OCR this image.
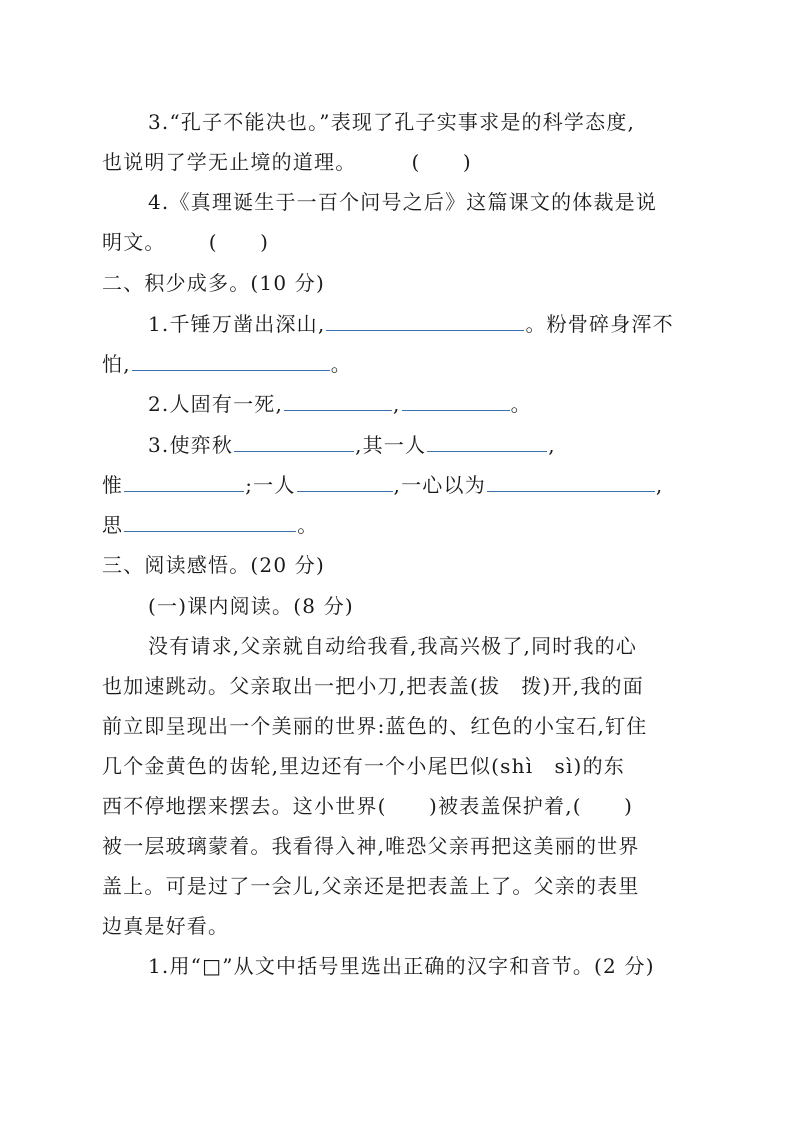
3.“孔子不能决也。”表现了孔子实事求是的科学态度,
也说明了学无止境的道理。	(　　)
4.《真理诞生于一百个问号之后》这篇课文的体裁是说
明文。 (　　)
二、积少成多。(10 分)
1.千锤万凿出深山,	。粉骨碎身浑不
怕,	。
2.人固有一死,	,	。
3.使弈秋	,其一人	,
惟	;一人	,一心以为	,
思	。
三、阅读感悟。(20 分)
(一)课内阅读。(8 分)
没有请求,父亲就自动给我看,我高兴极了,同时我的心
也加速跳动。父亲取出一把小刀,把表盖(拔　拨)开,我的面
前立即呈现出一个美丽的世界:蓝色的、红色的小宝石,钉住
几个金黄色的齿轮,里边还有一个小尾巴似(shì　sì)的东
西不停地摆来摆去。这小世界(　　)被表盖保护着,(　　)
被一层玻璃蒙着。我看得入神,唯恐父亲再把这美丽的世界
盖上。可是过了一会儿,父亲还是把表盖上了。父亲的表里
边真是好看。
1.用“□”从文中括号里选出正确的汉字和音节。(2 分)
